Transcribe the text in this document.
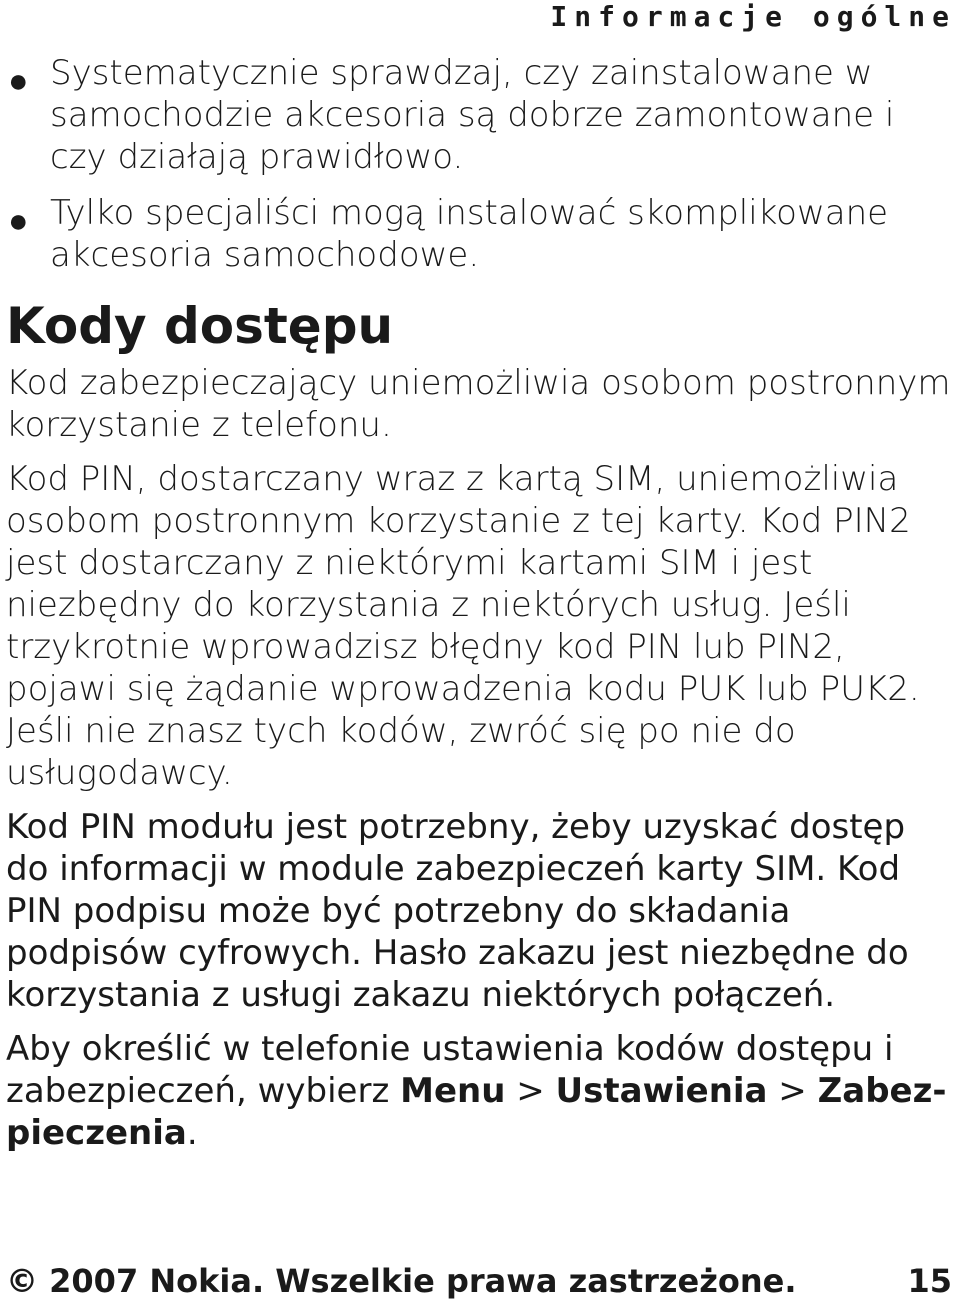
Informacje ogólne
● Systematycznie sprawdzaj, czy zainstalowane w samochodzie akcesoria są dobrze zamontowane i czy działają prawidłowo.
● Tylko specjaliści mogą instalować skomplikowane akcesoria samochodowe.
Kody dostępu

Kod zabezpieczający uniemożliwia osobom postronnym korzystanie z telefonu.

Kod PIN, dostarczany wraz z kartą SIM, uniemożliwia osobom postronnym korzystanie z tej karty. Kod PIN2 jest dostarczany z niektórymi kartami SIM i jest niezbędny do korzystania z niektórych usług. Jeśli trzykrotnie wprowadzisz błędny kod PIN lub PIN2, pojawi się żądanie wprowadzenia kodu PUK lub PUK2. Jeśli nie znasz tych kodów, zwróć się po nie do usługodawcy.

Kod PIN modułu jest potrzebny, żeby uzyskać dostęp do informacji w module zabezpieczeń karty SIM. Kod PIN podpisu może być potrzebny do składania podpisów cyfrowych. Hasło zakazu jest niezbędne do korzystania z usługi zakazu niektórych połączeń.

Aby określić w telefonie ustawienia kodów dostępu i zabezpieczeń, wybierz Menu > Ustawienia > Zabezpieczenia.

© 2007 Nokia. Wszelkie prawa zastrzeżone.	15
